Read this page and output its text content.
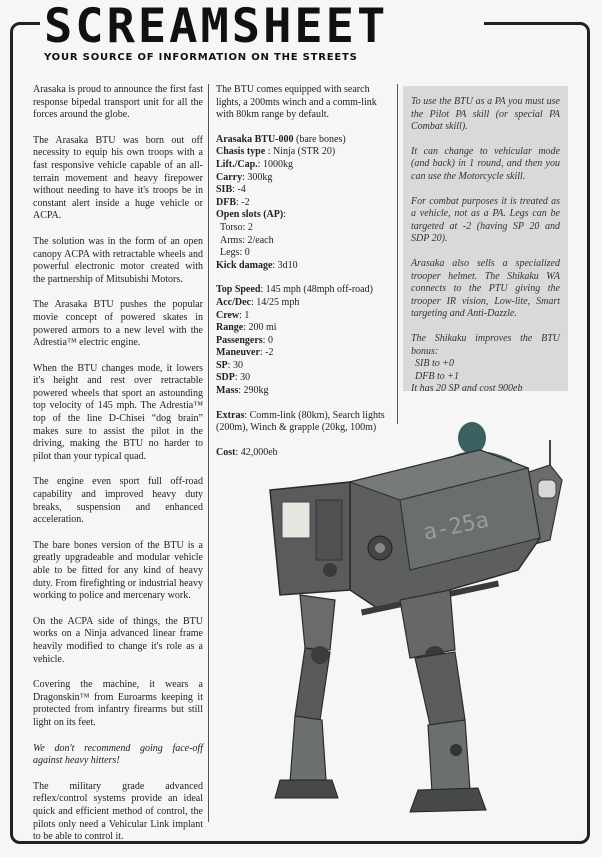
SCREAMSHEET
YOUR SOURCE OF INFORMATION ON THE STREETS

Arasaka is proud to announce the first fast response bipedal transport unit for all the forces around the globe.

The Arasaka BTU was born out off necessity to equip his own troops with a fast responsive vehicle capable of an all-terrain movement and heavy firepower without needing to have it's troops be in constant alert inside a huge vehicle or ACPA.

The solution was in the form of an open canopy ACPA with retractable wheels and powerful electronic motor created with the partnership of Mitsubishi Motors.

The Arasaka BTU pushes the popular movie concept of powered skates in powered armors to a new level with the Adrestia™ electric engine.

When the BTU changes mode, it lowers it's height and rest over retractable powered wheels that sport an astounding top velocity of 145 mph. The Adrestia™ top of the line D-Chisei “dog brain” makes sure to assist the pilot in the driving, making the BTU no harder to pilot than your typical quad.

The engine even sport full off-road capability and improved heavy duty breaks, suspension and enhanced acceleration.

The bare bones version of the BTU is a greatly upgradeable and modular vehicle able to be fitted for any kind of heavy duty. From firefighting or industrial heavy working to police and mercenary work.

On the ACPA side of things, the BTU works on a Ninja advanced linear frame heavily modified to change it's role as a vehicle.

Covering the machine, it wears a Dragonskin™ from Euroarms keeping it protected from infantry firearms but still light on its feet.

We don't recommend going face-off against heavy hitters!

The military grade advanced reflex/control systems provide an ideal quick and efficient method of control, the pilots only need a Vehicular Link implant to be able to control it.

The BTU comes equipped with search lights, a 200mts winch and a comm-link with 80km range by default.

Arasaka BTU-000 (bare bones)
Chasis type : Ninja (STR 20)
Lift./Cap.: 1000kg
Carry: 300kg
SIB: -4
DFB: -2
Open slots (AP):
Torso: 2
Arms: 2/each
Legs: 0
Kick damage: 3d10
Top Speed: 145 mph (48mph off-road)
Acc/Dec: 14/25 mph
Crew: 1
Range: 200 mi
Passengers: 0
Maneuver: -2
SP: 30
SDP: 30
Mass: 290kg

Extras: Comm-link (80km), Search lights (200m), Winch & grapple (20kg, 100m)

Cost: 42,000eb

To use the BTU as a PA you must use the Pilot PA skill (or special PA Combat skill).

It can change to vehicular mode (and back) in 1 round, and then you can use the Motorcycle skill.

For combat purposes it is treated as a vehicle, not as a PA. Legs can be targeted at -2 (having SP 20 and SDP 20).

Arasaka also sells a specialized trooper helmet. The Shikaku WA connects to the PTU giving the trooper IR vision, Low-lite, Smart targeting and Anti-Dazzle.

The Shikaku improves the BTU bonus:
SIB to +0
DFB to +1
It has 20 SP and cost 900eb
a-25a
